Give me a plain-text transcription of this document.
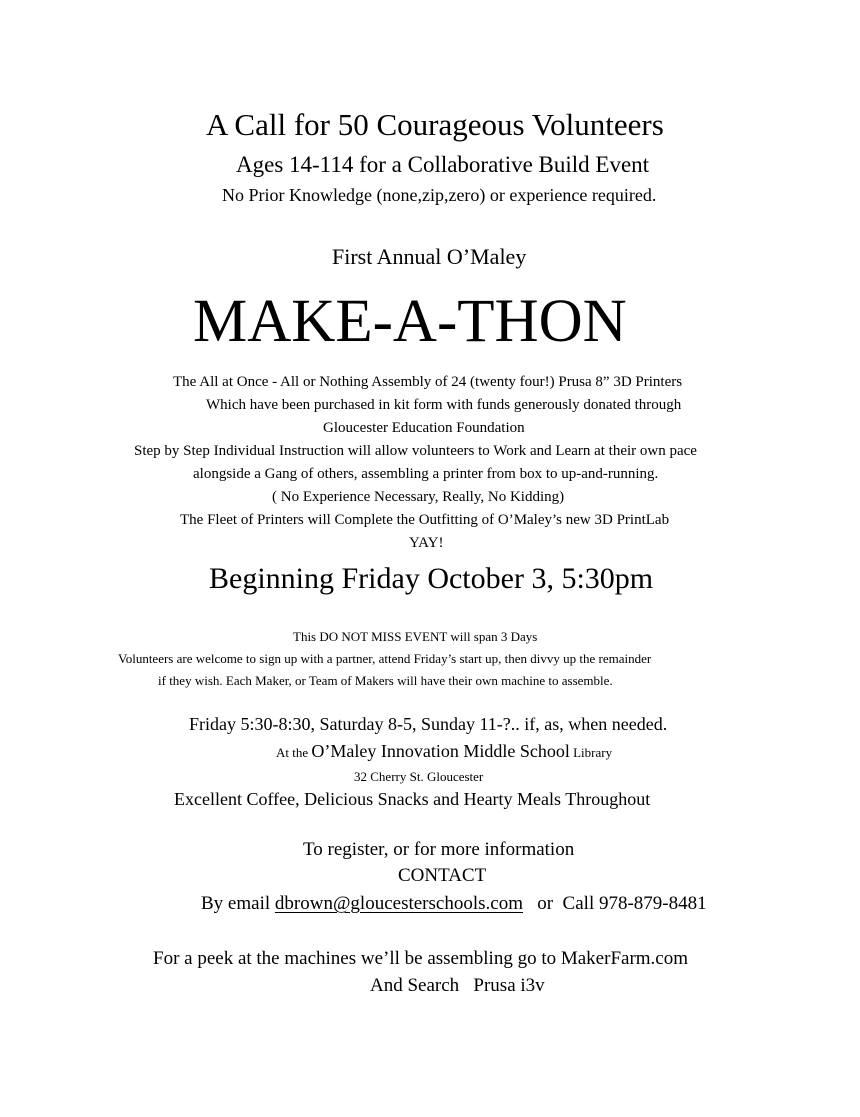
A Call for 50 Courageous Volunteers
Ages 14-114 for a Collaborative Build Event
No Prior Knowledge (none,zip,zero) or experience required.
First Annual O’Maley
MAKE-A-THON
The All at Once - All or Nothing Assembly of 24 (twenty four!) Prusa 8” 3D Printers
Which have been purchased in kit form with funds generously donated through
Gloucester Education Foundation
Step by Step Individual Instruction will allow volunteers to Work and Learn at their own pace
alongside a Gang of others, assembling a printer from box to up-and-running.
( No Experience Necessary, Really, No Kidding)
The Fleet of Printers will Complete the Outfitting of O’Maley’s new 3D PrintLab
YAY!
Beginning Friday October 3, 5:30pm
This DO NOT MISS EVENT will span 3 Days
Volunteers are welcome to sign up with a partner, attend Friday’s start up, then divvy up the remainder
if they wish. Each Maker, or Team of Makers will have their own machine to assemble.
Friday 5:30-8:30, Saturday 8-5, Sunday 11-?.. if, as, when needed.
At the O’Maley Innovation Middle School Library
32 Cherry St. Gloucester
Excellent Coffee, Delicious Snacks and Hearty Meals Throughout
To register, or for more information
CONTACT
By email dbrown@gloucesterschools.com   or  Call 978-879-8481
For a peek at the machines we’ll be assembling go to MakerFarm.com
And Search   Prusa i3v
